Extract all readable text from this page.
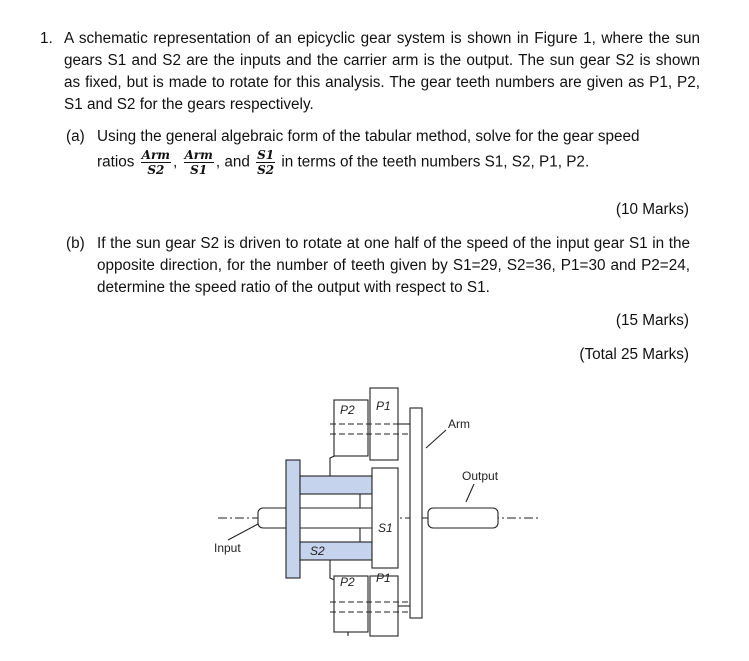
1. A schematic representation of an epicyclic gear system is shown in Figure 1, where the sun gears S1 and S2 are the inputs and the carrier arm is the output. The sun gear S2 is shown as fixed, but is made to rotate for this analysis. The gear teeth numbers are given as P1, P2, S1 and S2 for the gears respectively.
(a) Using the general algebraic form of the tabular method, solve for the gear speed
ratios $\frac{\text{Arm}}{S2}$ , $\frac{\text{Arm}}{S1}$ , and $\frac{S1}{S2}$ in terms of the teeth numbers S1, S2, P1, P2.
(10 Marks)
(b) If the sun gear S2 is driven to rotate at one half of the speed of the input gear S1 in the opposite direction, for the number of teeth given by S1=29, S2=36, P1=30 and P2=24, determine the speed ratio of the output with respect to S1.
(15 Marks)
(Total 25 Marks)
P2 P1
S1
S2
P2 P1
Arm
Output
Input
